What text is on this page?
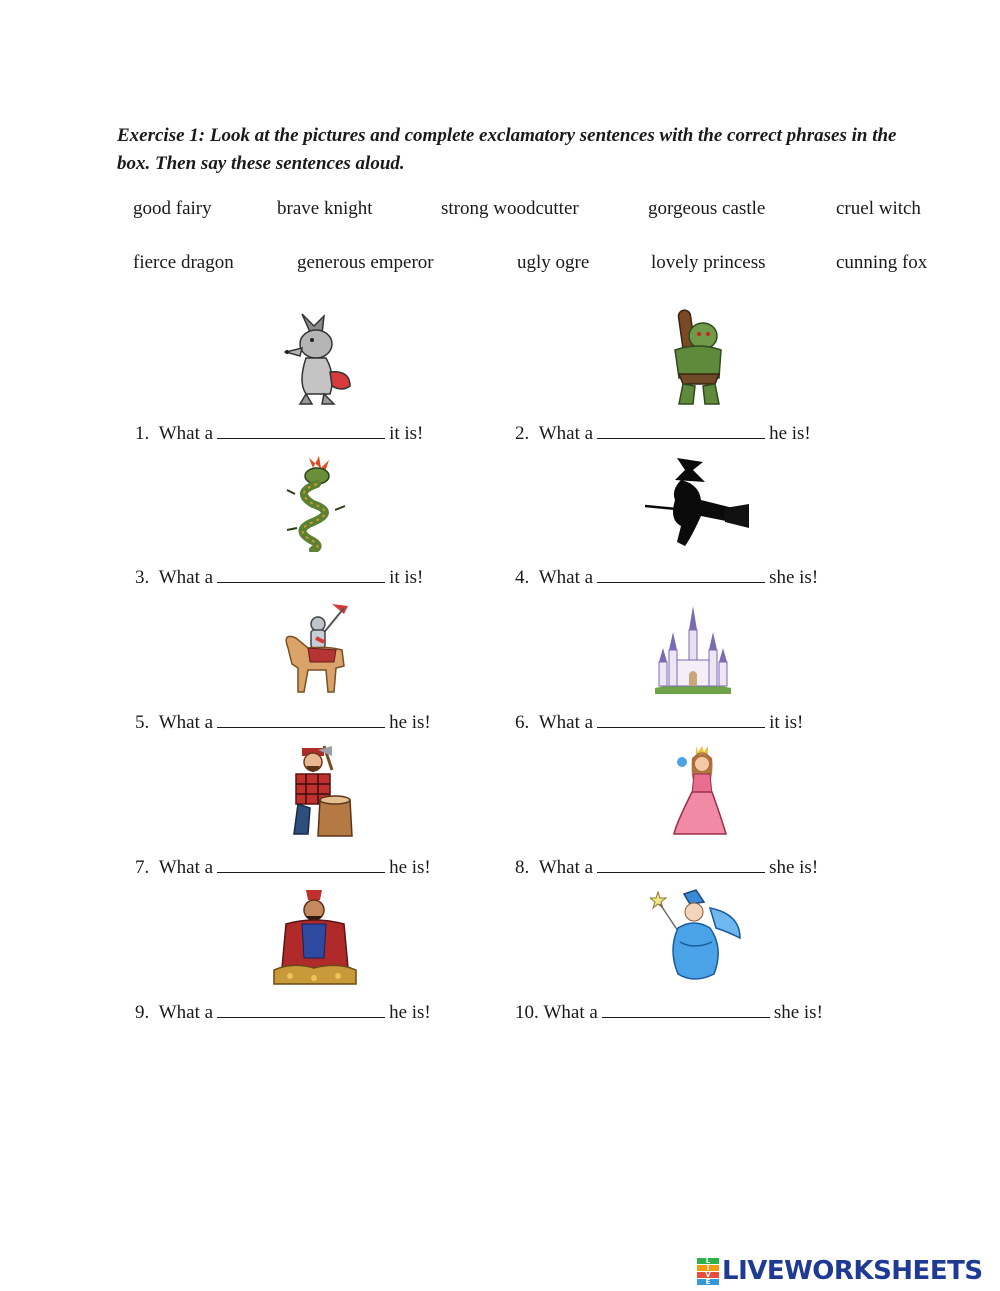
Exercise 1: Look at the pictures and complete exclamatory sentences with the correct phrases in the box. Then say these sentences aloud.
good fairy	brave knight	strong woodcutter	gorgeous castle	cruel witch
fierce dragon	generous emperor	ugly ogre	lovely princess	cunning fox
1. What a	it is!	2. What a	he is!
3. What a	it is!	4. What a	she is!
5. What a	he is!	6. What a	it is!
7. What a	he is!	8. What a	she is!
9. What a	he is!	10. What a	she is!
L
I
V
E LIVEWORKSHEETS
